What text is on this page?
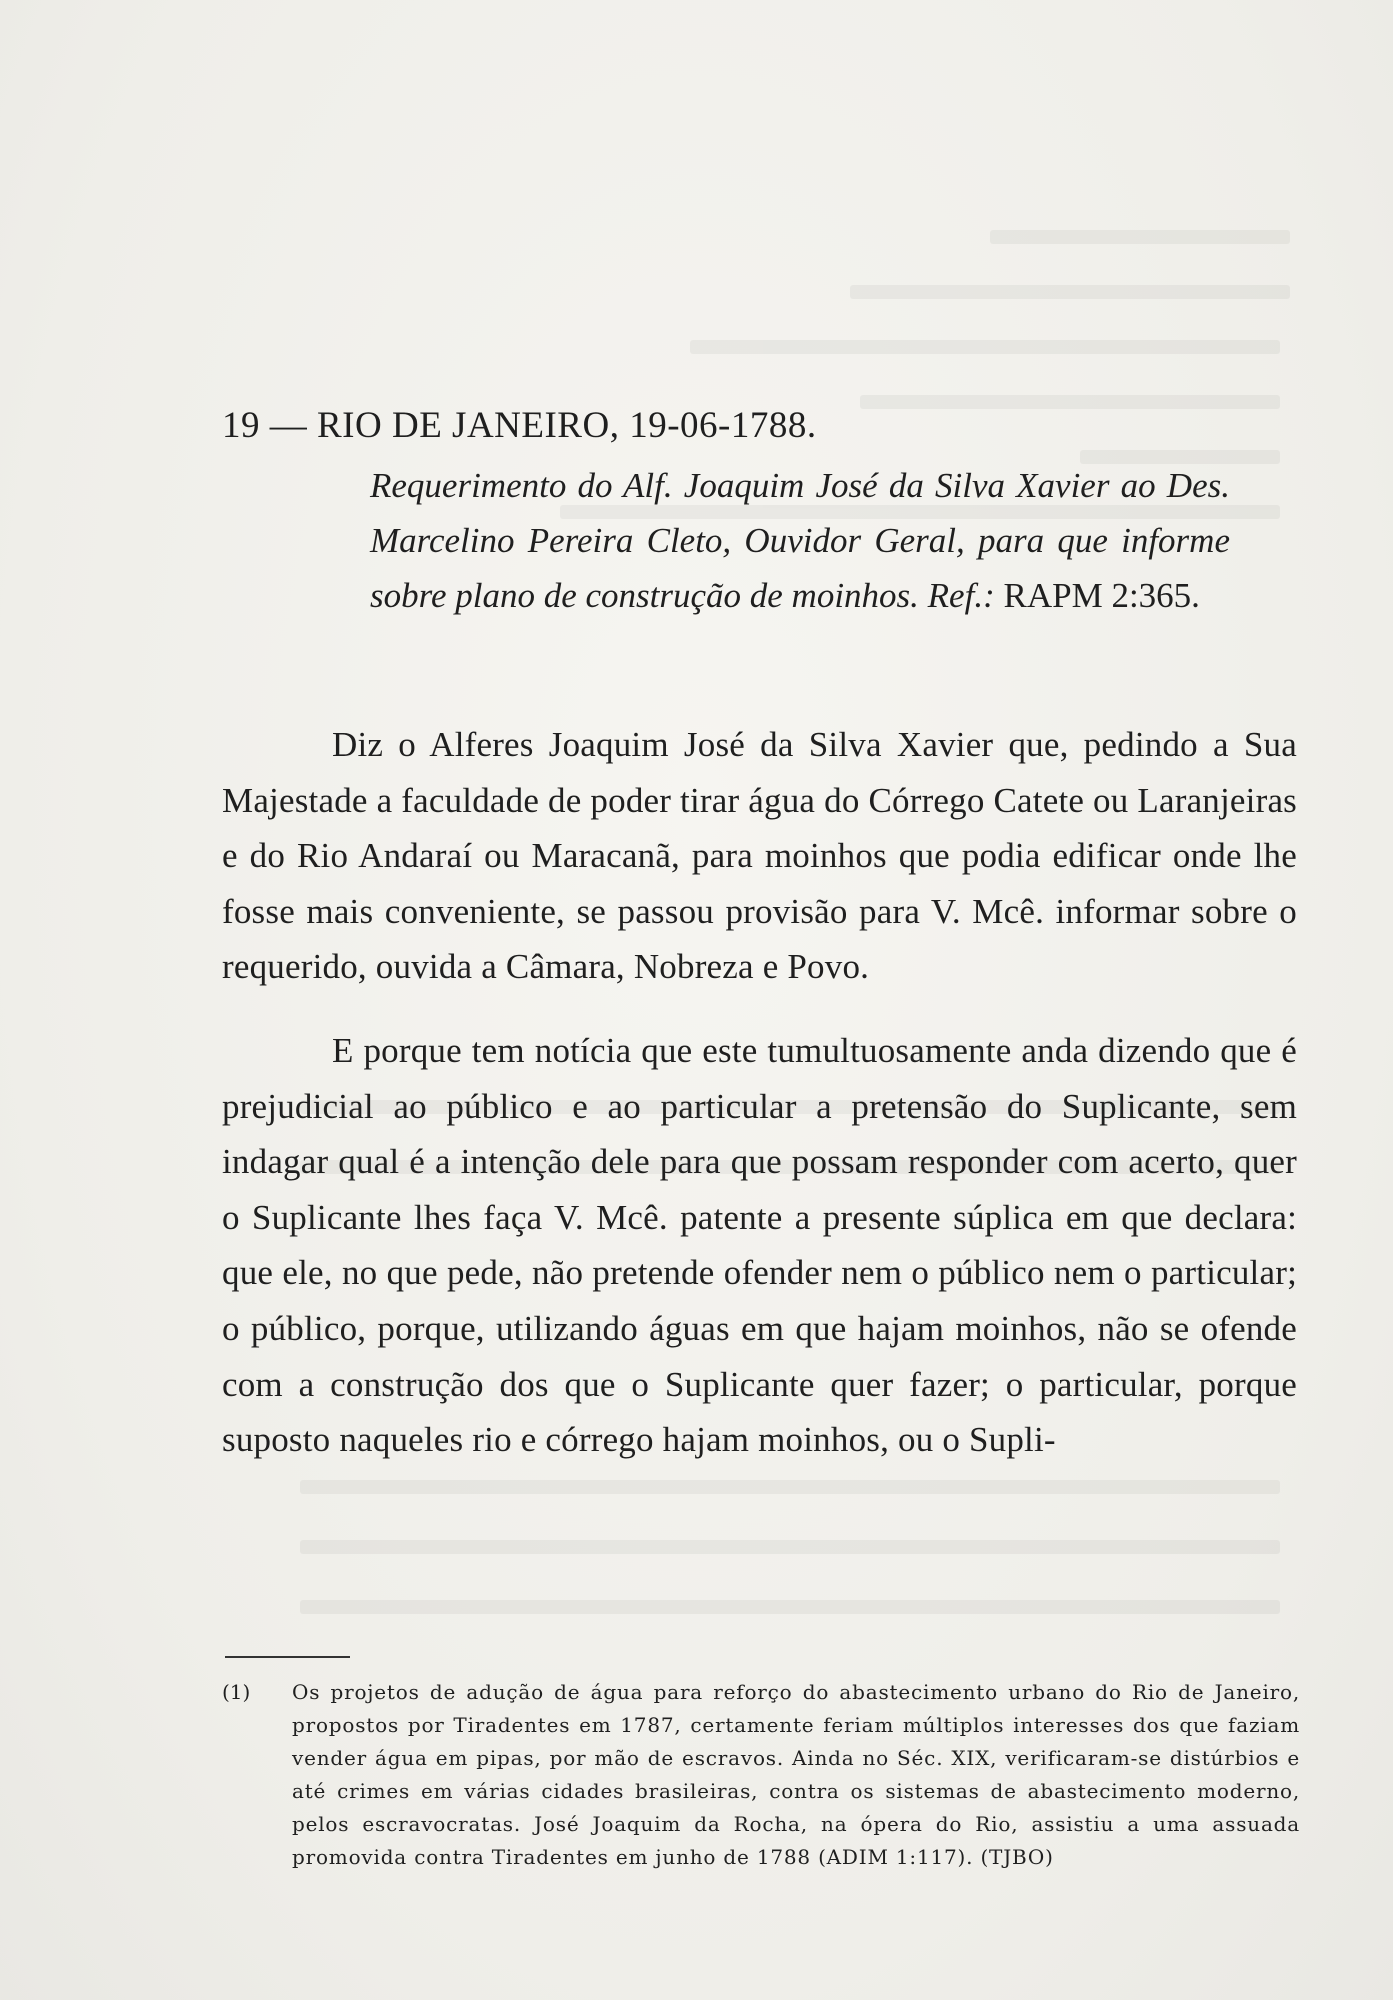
19 — RIO DE JANEIRO, 19-06-1788.
Requerimento do Alf. Joaquim José da Silva Xavier ao Des. Marcelino Pereira Cleto, Ouvidor Geral, para que informe sobre plano de construção de moinhos. Ref.: RAPM 2:365.

Diz o Alferes Joaquim José da Silva Xavier que, pedindo a Sua Majestade a faculdade de poder tirar água do Córrego Catete ou Laranjeiras e do Rio Andaraí ou Maracanã, para moinhos que podia edificar onde lhe fosse mais conveniente, se passou provisão para V. Mcê. informar sobre o requerido, ouvida a Câmara, Nobreza e Povo.

E porque tem notícia que este tumultuosamente anda dizendo que é prejudicial ao público e ao particular a pretensão do Suplicante, sem indagar qual é a intenção dele para que possam responder com acerto, quer o Suplicante lhes faça V. Mcê. patente a presente súplica em que declara: que ele, no que pede, não pretende ofender nem o público nem o particular; o público, porque, utilizando águas em que hajam moinhos, não se ofende com a construção dos que o Suplicante quer fazer; o particular, porque suposto naqueles rio e córrego hajam moinhos, ou o Supli-

(1)	Os projetos de adução de água para reforço do abastecimento urbano do Rio de Janeiro, propostos por Tiradentes em 1787, certamente feriam múltiplos interesses dos que faziam vender água em pipas, por mão de escravos. Ainda no Séc. XIX, verificaram-se distúrbios e até crimes em várias cidades brasileiras, contra os sistemas de abastecimento moderno, pelos escravocratas. José Joaquim da Rocha, na ópera do Rio, assistiu a uma assuada promovida contra Tiradentes em junho de 1788 (ADIM 1:117). (TJBO)
